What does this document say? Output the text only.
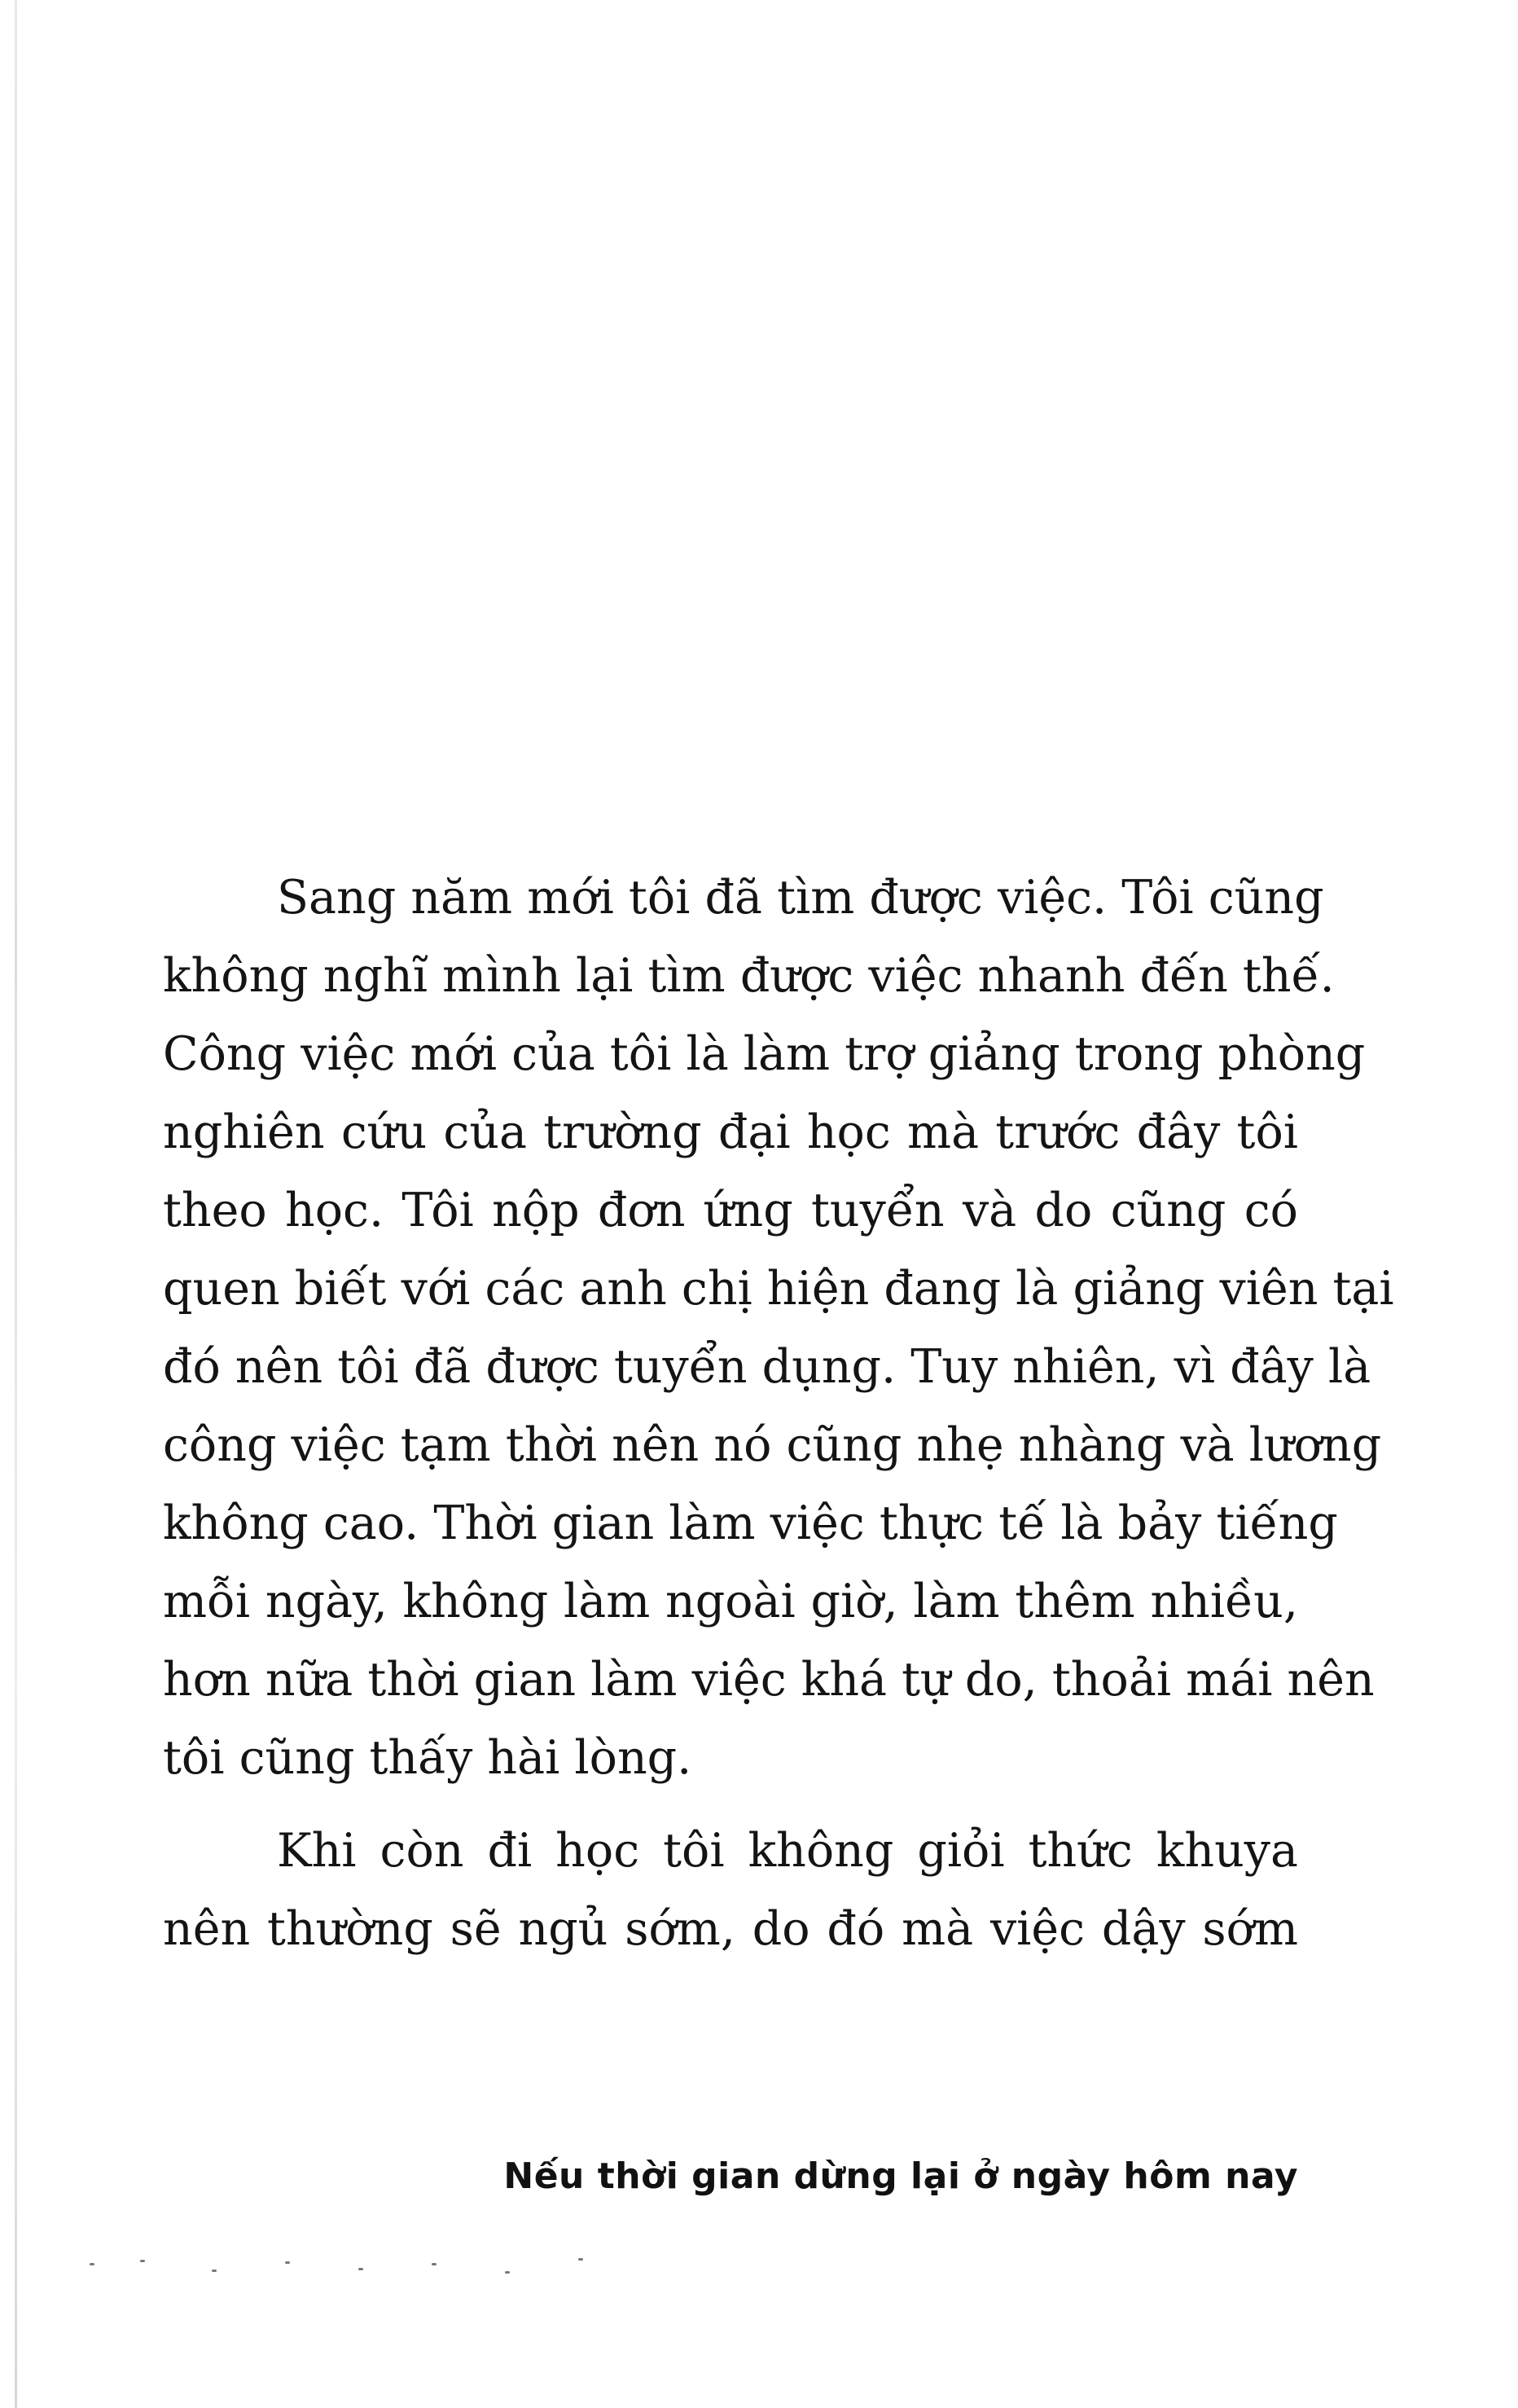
Sang năm mới tôi đã tìm được việc. Tôi cũng
không nghĩ mình lại tìm được việc nhanh đến thế.
Công việc mới của tôi là làm trợ giảng trong phòng
nghiên cứu của trường đại học mà trước đây tôi
theo học. Tôi nộp đơn ứng tuyển và do cũng có
quen biết với các anh chị hiện đang là giảng viên tại
đó nên tôi đã được tuyển dụng. Tuy nhiên, vì đây là
công việc tạm thời nên nó cũng nhẹ nhàng và lương
không cao. Thời gian làm việc thực tế là bảy tiếng
mỗi ngày, không làm ngoài giờ, làm thêm nhiều,
hơn nữa thời gian làm việc khá tự do, thoải mái nên
tôi cũng thấy hài lòng.
Khi còn đi học tôi không giỏi thức khuya
nên thường sẽ ngủ sớm, do đó mà việc dậy sớm
Nếu thời gian dừng lại ở ngày hôm nay
